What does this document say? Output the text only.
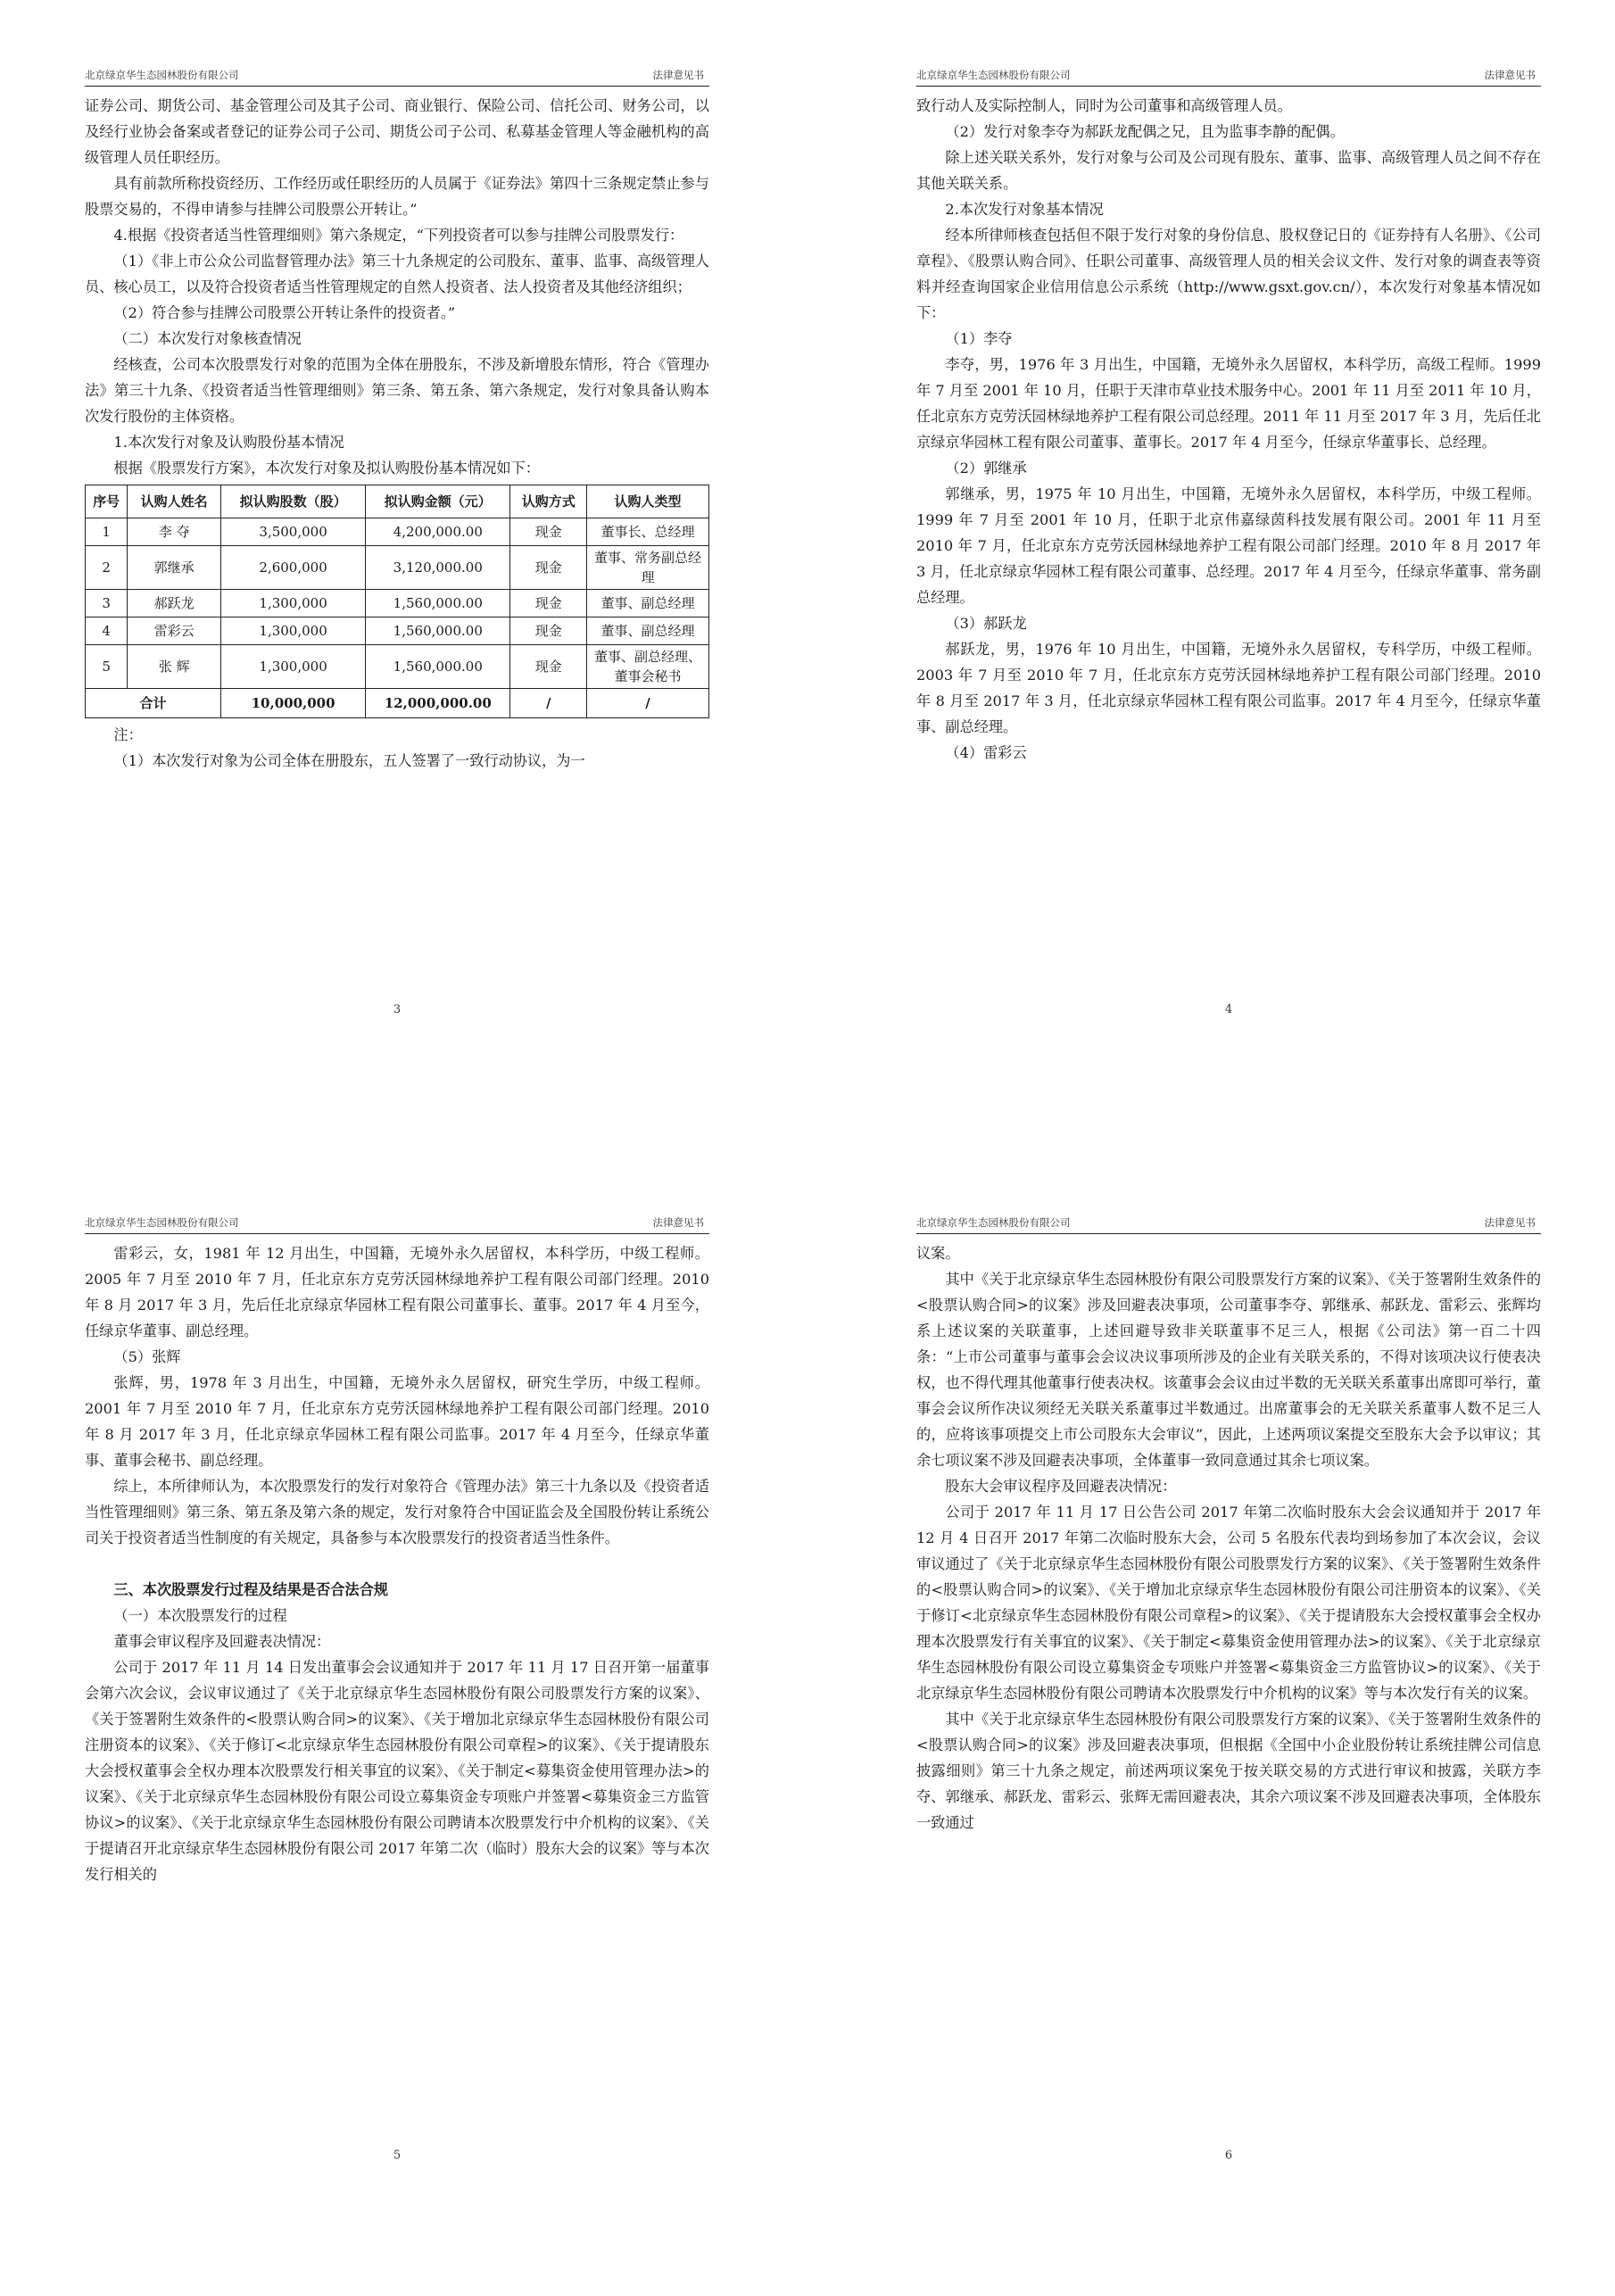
北京绿京华生态园林股份有限公司	法律意见书

证券公司、期货公司、基金管理公司及其子公司、商业银行、保险公司、信托公司、财务公司，以及经行业协会备案或者登记的证券公司子公司、期货公司子公司、私募基金管理人等金融机构的高级管理人员任职经历。

具有前款所称投资经历、工作经历或任职经历的人员属于《证券法》第四十三条规定禁止参与股票交易的，不得申请参与挂牌公司股票公开转让。”

4.根据《投资者适当性管理细则》第六条规定，“下列投资者可以参与挂牌公司股票发行：

（1）《非上市公众公司监督管理办法》第三十九条规定的公司股东、董事、监事、高级管理人员、核心员工，以及符合投资者适当性管理规定的自然人投资者、法人投资者及其他经济组织；

（2）符合参与挂牌公司股票公开转让条件的投资者。”

（二）本次发行对象核查情况

经核查，公司本次股票发行对象的范围为全体在册股东，不涉及新增股东情形，符合《管理办法》第三十九条、《投资者适当性管理细则》第三条、第五条、第六条规定，发行对象具备认购本次发行股份的主体资格。

1.本次发行对象及认购股份基本情况

根据《股票发行方案》，本次发行对象及拟认购股份基本情况如下：

序号	认购人姓名	拟认购股数（股）	拟认购金额（元）	认购方式	认购人类型
1	李 夺	3,500,000	4,200,000.00	现金	董事长、总经理
2	郭继承	2,600,000	3,120,000.00	现金	董事、常务副总经理
3	郝跃龙	1,300,000	1,560,000.00	现金	董事、副总经理
4	雷彩云	1,300,000	1,560,000.00	现金	董事、副总经理
5	张 辉	1,300,000	1,560,000.00	现金	董事、副总经理、董事会秘书
合计		10,000,000	12,000,000.00	/	/

注：

（1）本次发行对象为公司全体在册股东，五人签署了一致行动协议，为一

3
北京绿京华生态园林股份有限公司	法律意见书

致行动人及实际控制人，同时为公司董事和高级管理人员。

（2）发行对象李夺为郝跃龙配偶之兄，且为监事李静的配偶。

除上述关联关系外，发行对象与公司及公司现有股东、董事、监事、高级管理人员之间不存在其他关联关系。

2.本次发行对象基本情况

经本所律师核查包括但不限于发行对象的身份信息、股权登记日的《证券持有人名册》、《公司章程》、《股票认购合同》、任职公司董事、高级管理人员的相关会议文件、发行对象的调查表等资料并经查询国家企业信用信息公示系统（http://www.gsxt.gov.cn/），本次发行对象基本情况如下：

（1）李夺

李夺，男，1976 年 3 月出生，中国籍，无境外永久居留权，本科学历，高级工程师。1999 年 7 月至 2001 年 10 月，任职于天津市草业技术服务中心。2001 年 11 月至 2011 年 10 月，任北京东方克劳沃园林绿地养护工程有限公司总经理。2011 年 11 月至 2017 年 3 月，先后任北京绿京华园林工程有限公司董事、董事长。2017 年 4 月至今，任绿京华董事长、总经理。

（2）郭继承

郭继承，男，1975 年 10 月出生，中国籍，无境外永久居留权，本科学历，中级工程师。1999 年 7 月至 2001 年 10 月，任职于北京伟嘉绿茵科技发展有限公司。2001 年 11 月至 2010 年 7 月，任北京东方克劳沃园林绿地养护工程有限公司部门经理。2010 年 8 月 2017 年 3 月，任北京绿京华园林工程有限公司董事、总经理。2017 年 4 月至今，任绿京华董事、常务副总经理。

（3）郝跃龙

郝跃龙，男，1976 年 10 月出生，中国籍，无境外永久居留权，专科学历，中级工程师。2003 年 7 月至 2010 年 7 月，任北京东方克劳沃园林绿地养护工程有限公司部门经理。2010 年 8 月至 2017 年 3 月，任北京绿京华园林工程有限公司监事。2017 年 4 月至今，任绿京华董事、副总经理。

（4）雷彩云

4
北京绿京华生态园林股份有限公司	法律意见书

雷彩云，女，1981 年 12 月出生，中国籍，无境外永久居留权，本科学历，中级工程师。2005 年 7 月至 2010 年 7 月，任北京东方克劳沃园林绿地养护工程有限公司部门经理。2010 年 8 月 2017 年 3 月，先后任北京绿京华园林工程有限公司董事长、董事。2017 年 4 月至今，任绿京华董事、副总经理。

（5）张辉

张辉，男，1978 年 3 月出生，中国籍，无境外永久居留权，研究生学历，中级工程师。2001 年 7 月至 2010 年 7 月，任北京东方克劳沃园林绿地养护工程有限公司部门经理。2010 年 8 月 2017 年 3 月，任北京绿京华园林工程有限公司监事。2017 年 4 月至今，任绿京华董事、董事会秘书、副总经理。

综上，本所律师认为，本次股票发行的发行对象符合《管理办法》第三十九条以及《投资者适当性管理细则》第三条、第五条及第六条的规定，发行对象符合中国证监会及全国股份转让系统公司关于投资者适当性制度的有关规定，具备参与本次股票发行的投资者适当性条件。

三、本次股票发行过程及结果是否合法合规

（一）本次股票发行的过程

董事会审议程序及回避表决情况：

公司于 2017 年 11 月 14 日发出董事会会议通知并于 2017 年 11 月 17 日召开第一届董事会第六次会议，会议审议通过了《关于北京绿京华生态园林股份有限公司股票发行方案的议案》、《关于签署附生效条件的<股票认购合同>的议案》、《关于增加北京绿京华生态园林股份有限公司注册资本的议案》、《关于修订<北京绿京华生态园林股份有限公司章程>的议案》、《关于提请股东大会授权董事会全权办理本次股票发行相关事宜的议案》、《关于制定<募集资金使用管理办法>的议案》、《关于北京绿京华生态园林股份有限公司设立募集资金专项账户并签署<募集资金三方监管协议>的议案》、《关于北京绿京华生态园林股份有限公司聘请本次股票发行中介机构的议案》、《关于提请召开北京绿京华生态园林股份有限公司 2017 年第二次（临时）股东大会的议案》等与本次发行相关的

5
北京绿京华生态园林股份有限公司	法律意见书

议案。

其中《关于北京绿京华生态园林股份有限公司股票发行方案的议案》、《关于签署附生效条件的<股票认购合同>的议案》涉及回避表决事项，公司董事李夺、郭继承、郝跃龙、雷彩云、张辉均系上述议案的关联董事，上述回避导致非关联董事不足三人，根据《公司法》第一百二十四条：“上市公司董事与董事会会议决议事项所涉及的企业有关联关系的，不得对该项决议行使表决权，也不得代理其他董事行使表决权。该董事会会议由过半数的无关联关系董事出席即可举行，董事会会议所作决议须经无关联关系董事过半数通过。出席董事会的无关联关系董事人数不足三人的，应将该事项提交上市公司股东大会审议”，因此，上述两项议案提交至股东大会予以审议；其余七项议案不涉及回避表决事项，全体董事一致同意通过其余七项议案。

股东大会审议程序及回避表决情况：

公司于 2017 年 11 月 17 日公告公司 2017 年第二次临时股东大会会议通知并于 2017 年 12 月 4 日召开 2017 年第二次临时股东大会，公司 5 名股东代表均到场参加了本次会议，会议审议通过了《关于北京绿京华生态园林股份有限公司股票发行方案的议案》、《关于签署附生效条件的<股票认购合同>的议案》、《关于增加北京绿京华生态园林股份有限公司注册资本的议案》、《关于修订<北京绿京华生态园林股份有限公司章程>的议案》、《关于提请股东大会授权董事会全权办理本次股票发行有关事宜的议案》、《关于制定<募集资金使用管理办法>的议案》、《关于北京绿京华生态园林股份有限公司设立募集资金专项账户并签署<募集资金三方监管协议>的议案》、《关于北京绿京华生态园林股份有限公司聘请本次股票发行中介机构的议案》等与本次发行有关的议案。

其中《关于北京绿京华生态园林股份有限公司股票发行方案的议案》、《关于签署附生效条件的<股票认购合同>的议案》涉及回避表决事项，但根据《全国中小企业股份转让系统挂牌公司信息披露细则》第三十九条之规定，前述两项议案免于按关联交易的方式进行审议和披露，关联方李夺、郭继承、郝跃龙、雷彩云、张辉无需回避表决，其余六项议案不涉及回避表决事项，全体股东一致通过

6
